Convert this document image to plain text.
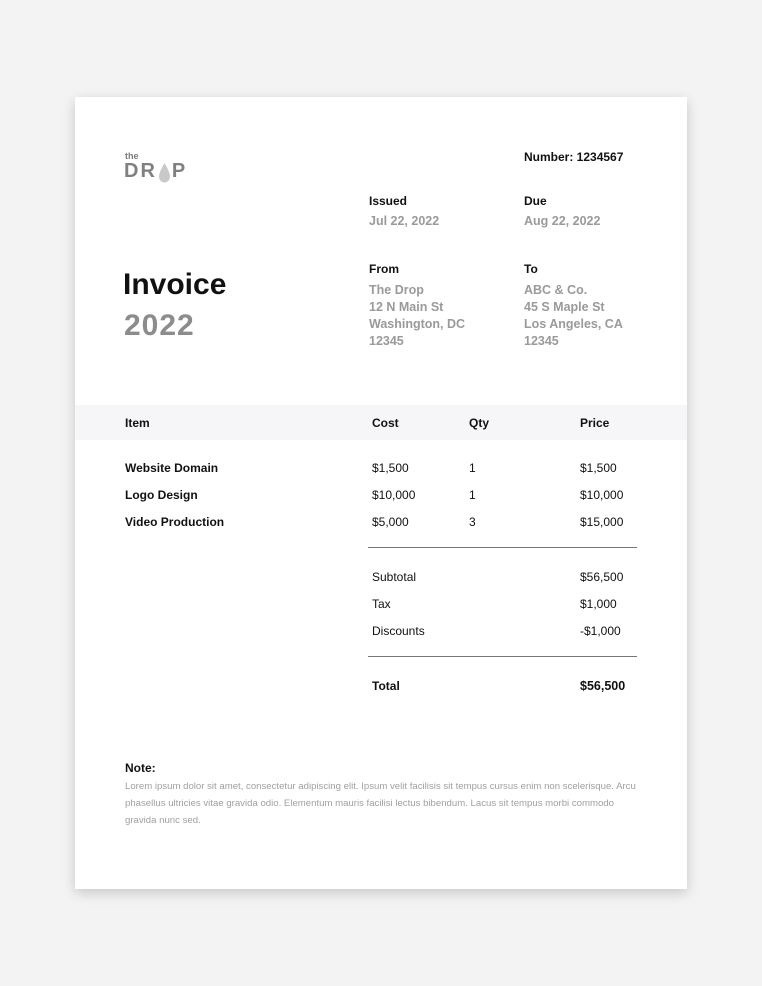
the
DR P
Number: 1234567
Issued
Jul 22, 2022
Due
Aug 22, 2022
Invoice
2022
From
The Drop
12 N Main St
Washington, DC
12345
To
ABC & Co.
45 S Maple St
Los Angeles, CA
12345
Item	Cost	Qty	Price
Website Domain	$1,500	1	$1,500
Logo Design	$10,000	1	$10,000
Video Production	$5,000	3	$15,000
Subtotal	$56,500
Tax	$1,000
Discounts	-$1,000
Total	$56,500
Note:
Lorem ipsum dolor sit amet, consectetur adipiscing elit. Ipsum velit facilisis sit tempus cursus enim non scelerisque. Arcu phasellus ultricies vitae gravida odio. Elementum mauris facilisi lectus bibendum. Lacus sit tempus morbi commodo gravida nunc sed.
